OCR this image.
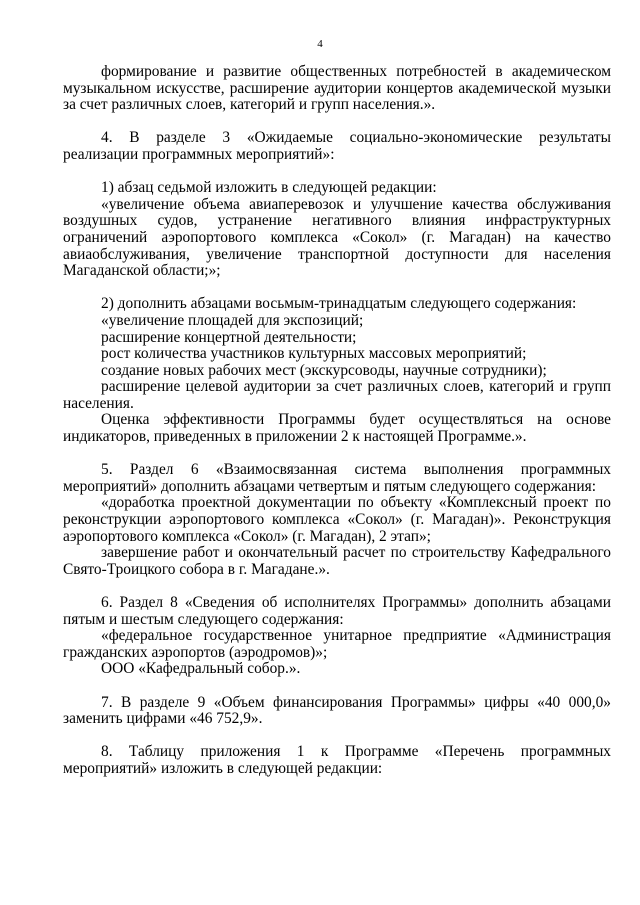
4

формирование и развитие общественных потребностей в академическом музыкальном искусстве, расширение аудитории концертов академической музыки за счет различных слоев, категорий и групп населения.».

4. В разделе 3 «Ожидаемые социально-экономические результаты реализации программных мероприятий»:

1) абзац седьмой изложить в следующей редакции:

«увеличение объема авиаперевозок и улучшение качества обслуживания воздушных судов, устранение негативного влияния инфраструктурных ограничений аэропортового комплекса «Сокол» (г. Магадан) на качество авиаобслуживания, увеличение транспортной доступности для населения Магаданской области;»;

2) дополнить абзацами восьмым-тринадцатым следующего содержания:

«увеличение площадей для экспозиций;

расширение концертной деятельности;

рост количества участников культурных массовых мероприятий;

создание новых рабочих мест (экскурсоводы, научные сотрудники);

расширение целевой аудитории за счет различных слоев, категорий и групп населения.

Оценка эффективности Программы будет осуществляться на основе индикаторов, приведенных в приложении 2 к настоящей Программе.».

5. Раздел 6 «Взаимосвязанная система выполнения программных мероприятий» дополнить абзацами четвертым и пятым следующего содержания:

«доработка проектной документации по объекту «Комплексный проект по реконструкции аэропортового комплекса «Сокол» (г. Магадан)». Реконструкция аэропортового комплекса «Сокол» (г. Магадан), 2 этап»;

завершение работ и окончательный расчет по строительству Кафедрального Свято-Троицкого собора в г. Магадане.».

6. Раздел 8 «Сведения об исполнителях Программы» дополнить абзацами пятым и шестым следующего содержания:

«федеральное государственное унитарное предприятие «Администрация гражданских аэропортов (аэродромов)»;

ООО «Кафедральный собор.».

7. В разделе 9 «Объем финансирования Программы» цифры «40 000,0» заменить цифрами «46 752,9».

8. Таблицу приложения 1 к Программе «Перечень программных мероприятий» изложить в следующей редакции:
